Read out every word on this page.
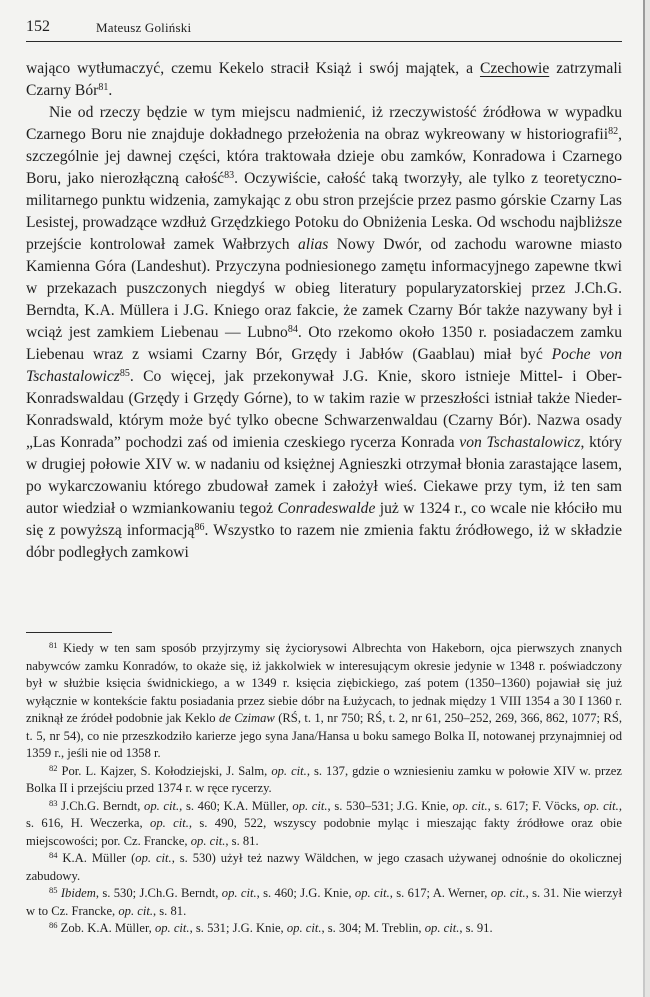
152	Mateusz Goliński

wająco wytłumaczyć, czemu Kekelo stracił Książ i swój majątek, a Czechowie zatrzymali Czarny Bór$^{81}$.

Nie od rzeczy będzie w tym miejscu nadmienić, iż rzeczywistość źródłowa w wypadku Czarnego Boru nie znajduje dokładnego przełożenia na obraz wykreowany w historiografii$^{82}$, szczególnie jej dawnej części, która traktowała dzieje obu zamków, Konradowa i Czarnego Boru, jako nierozłączną całość$^{83}$. Oczywiście, całość taką tworzyły, ale tylko z teoretyczno-militarnego punktu widzenia, zamykając z obu stron przejście przez pasmo górskie Czarny Las Lesistej, prowadzące wzdłuż Grzędzkiego Potoku do Obniżenia Leska. Od wschodu najbliższe przejście kontrolował zamek Wałbrzych alias Nowy Dwór, od zachodu warowne miasto Kamienna Góra (Landeshut). Przyczyna podniesionego zamętu informacyjnego zapewne tkwi w przekazach puszczonych niegdyś w obieg literatury popularyzatorskiej przez J.Ch.G. Berndta, K.A. Müllera i J.G. Kniego oraz fakcie, że zamek Czarny Bór także nazywany był i wciąż jest zamkiem Liebenau — Lubno$^{84}$. Oto rzekomo około 1350 r. posiadaczem zamku Liebenau wraz z wsiami Czarny Bór, Grzędy i Jabłów (Gaablau) miał być Poche von Tschastalowicz$^{85}$. Co więcej, jak przekonywał J.G. Knie, skoro istnieje Mittel- i Ober-Konradswaldau (Grzędy i Grzędy Górne), to w takim razie w przeszłości istniał także Nieder-Konradswald, którym może być tylko obecne Schwarzenwaldau (Czarny Bór). Nazwa osady „Las Konrada” pochodzi zaś od imienia czeskiego rycerza Konrada von Tschastalowicz, który w drugiej połowie XIV w. w nadaniu od księżnej Agnieszki otrzymał błonia zarastające lasem, po wykarczowaniu którego zbudował zamek i założył wieś. Ciekawe przy tym, iż ten sam autor wiedział o wzmiankowaniu tegoż Conradeswalde już w 1324 r., co wcale nie kłóciło mu się z powyższą informacją$^{86}$. Wszystko to razem nie zmienia faktu źródłowego, iż w składzie dóbr podległych zamkowi

$^{81}$ Kiedy w ten sam sposób przyjrzymy się życiorysowi Albrechta von Hakeborn, ojca pierwszych znanych nabywców zamku Konradów, to okaże się, iż jakkolwiek w interesującym okresie jedynie w 1348 r. poświadczony był w służbie księcia świdnickiego, a w 1349 r. księcia ziębickiego, zaś potem (1350–1360) pojawiał się już wyłącznie w kontekście faktu posiadania przez siebie dóbr na Łużycach, to jednak między 1 VIII 1354 a 30 I 1360 r. zniknął ze źródeł podobnie jak Keklo de Czimaw (RŚ, t. 1, nr 750; RŚ, t. 2, nr 61, 250–252, 269, 366, 862, 1077; RŚ, t. 5, nr 54), co nie przeszkodziło karierze jego syna Jana/Hansa u boku samego Bolka II, notowanej przynajmniej od 1359 r., jeśli nie od 1358 r.

$^{82}$ Por. L. Kajzer, S. Kołodziejski, J. Salm, op. cit., s. 137, gdzie o wzniesieniu zamku w połowie XIV w. przez Bolka II i przejściu przed 1374 r. w ręce rycerzy.

$^{83}$ J.Ch.G. Berndt, op. cit., s. 460; K.A. Müller, op. cit., s. 530–531; J.G. Knie, op. cit., s. 617; F. Vöcks, op. cit., s. 616, H. Weczerka, op. cit., s. 490, 522, wszyscy podobnie myląc i mieszając fakty źródłowe oraz obie miejscowości; por. Cz. Francke, op. cit., s. 81.

$^{84}$ K.A. Müller (op. cit., s. 530) użył też nazwy Wäldchen, w jego czasach używanej odnośnie do okolicznej zabudowy.

$^{85}$ Ibidem, s. 530; J.Ch.G. Berndt, op. cit., s. 460; J.G. Knie, op. cit., s. 617; A. Werner, op. cit., s. 31. Nie wierzył w to Cz. Francke, op. cit., s. 81.

$^{86}$ Zob. K.A. Müller, op. cit., s. 531; J.G. Knie, op. cit., s. 304; M. Treblin, op. cit., s. 91.
